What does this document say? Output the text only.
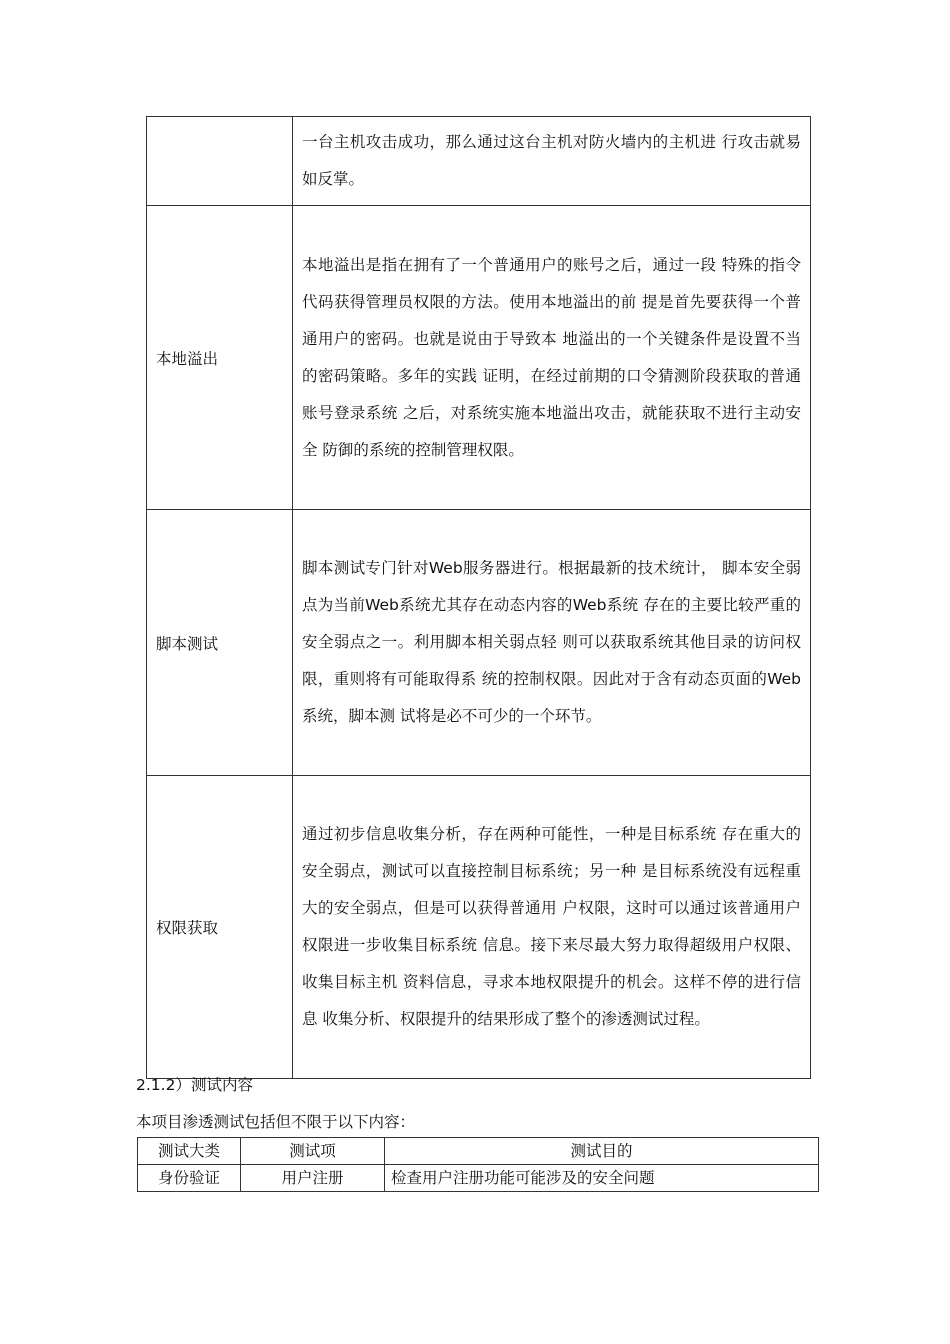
	一台主机攻击成功，那么通过这台主机对防火墙内的主机进 行攻击就易如反掌。
本地溢出	本地溢出是指在拥有了一个普通用户的账号之后，通过一段 特殊的指令代码获得管理员权限的方法。使用本地溢出的前 提是首先要获得一个普通用户的密码。也就是说由于导致本 地溢出的一个关键条件是设置不当的密码策略。多年的实践 证明，在经过前期的口令猜测阶段获取的普通账号登录系统 之后，对系统实施本地溢出攻击，就能获取不进行主动安全 防御的系统的控制管理权限。
脚本测试	脚本测试专门针对Web服务器进行。根据最新的技术统计， 脚本安全弱点为当前Web系统尤其存在动态内容的Web系统 存在的主要比较严重的安全弱点之一。利用脚本相关弱点轻 则可以获取系统其他目录的访问权限，重则将有可能取得系 统的控制权限。因此对于含有动态页面的Web系统，脚本测 试将是必不可少的一个环节。
权限获取	通过初步信息收集分析，存在两种可能性，一种是目标系统 存在重大的安全弱点，测试可以直接控制目标系统；另一种 是目标系统没有远程重大的安全弱点，但是可以获得普通用 户权限，这时可以通过该普通用户权限进一步收集目标系统 信息。接下来尽最大努力取得超级用户权限、收集目标主机 资料信息，寻求本地权限提升的机会。这样不停的进行信息 收集分析、权限提升的结果形成了整个的渗透测试过程。
2.1.2）测试内容
本项目渗透测试包括但不限于以下内容：
测试大类	测试项	测试目的
身份验证	用户注册	检查用户注册功能可能涉及的安全问题
